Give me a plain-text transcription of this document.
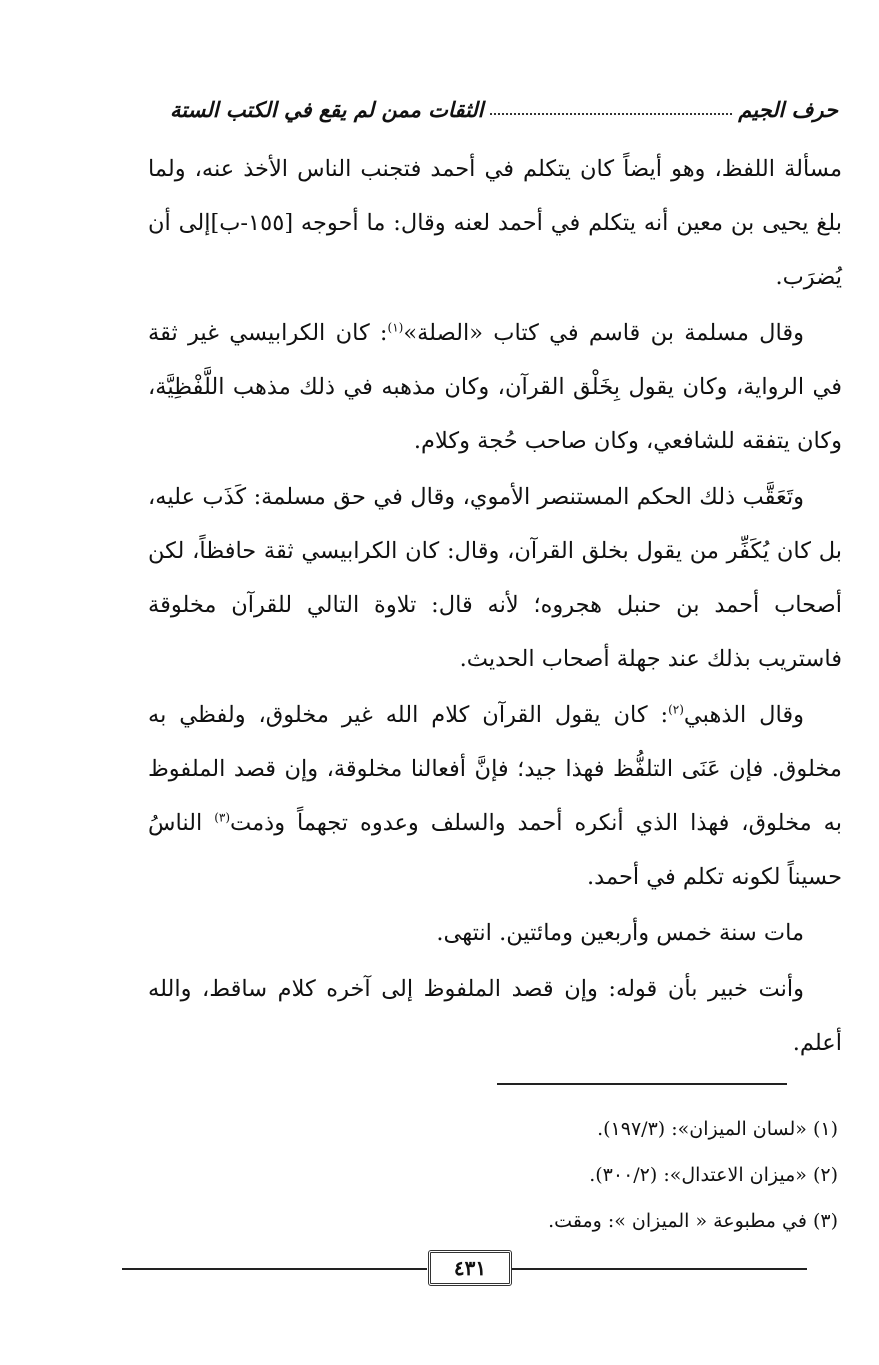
حرف الجيم
الثقات ممن لم يقع في الكتب الستة

مسألة اللفظ، وهو أيضاً كان يتكلم في أحمد فتجنب الناس الأخذ عنه، ولما بلغ يحيى بن معين أنه يتكلم في أحمد لعنه وقال: ما أحوجه [١٥٥-ب]إلى أن يُضرَب.

وقال مسلمة بن قاسم في كتاب «الصلة»$^{(١)}$: كان الكرابيسي غير ثقة في الرواية، وكان يقول بِخَلْق القرآن، وكان مذهبه في ذلك مذهب اللَّفْظِيَّة، وكان يتفقه للشافعي، وكان صاحب حُجة وكلام.

وتَعَقَّب ذلك الحكم المستنصر الأموي، وقال في حق مسلمة: كَذَب عليه، بل كان يُكَفِّر من يقول بخلق القرآن، وقال: كان الكرابيسي ثقة حافظاً، لكن أصحاب أحمد بن حنبل هجروه؛ لأنه قال: تلاوة التالي للقرآن مخلوقة فاستريب بذلك عند جهلة أصحاب الحديث.

وقال الذهبي$^{(٢)}$: كان يقول القرآن كلام الله غير مخلوق، ولفظي به مخلوق. فإن عَنَى التلفُّظ فهذا جيد؛ فإنَّ أفعالنا مخلوقة، وإن قصد الملفوظ به مخلوق، فهذا الذي أنكره أحمد والسلف وعدوه تجهماً وذمت$^{(٣)}$ الناسُ حسيناً لكونه تكلم في أحمد.

مات سنة خمس وأربعين ومائتين. انتهى.

وأنت خبير بأن قوله: وإن قصد الملفوظ إلى آخره كلام ساقط، والله أعلم.

(١) «لسان الميزان»: (١٩٧/٣).
(٢) «ميزان الاعتدال»: (٣٠٠/٢).
(٣) في مطبوعة « الميزان »: ومقت.
٤٣١
